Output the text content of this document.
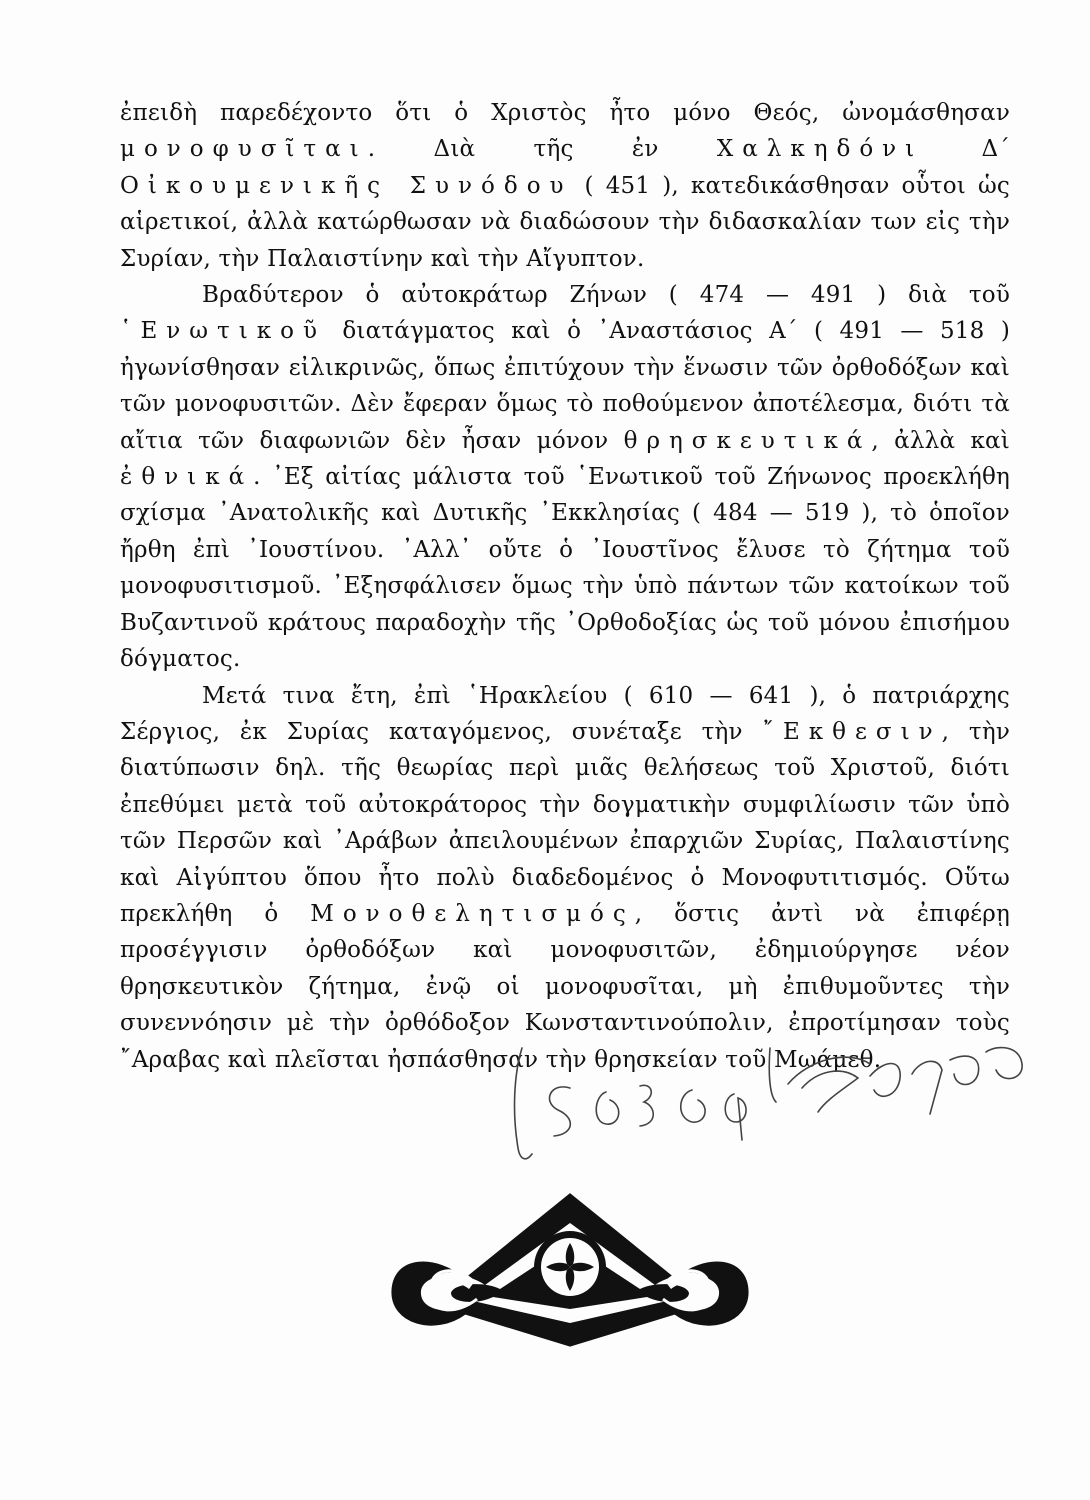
ἐπειδὴ παρεδέχοντο ὅτι ὁ Χριστὸς ἦτο μόνο Θεός, ὠνομάσθησαν μονοφυσῖται. Διὰ τῆς ἐν Χαλκηδόνι Δ΄ Οἰκουμενικῆς Συνόδου ( 451 ), κατεδικάσθησαν οὗτοι ὡς αἱρετικοί, ἀλλὰ κατώρθωσαν νὰ διαδώσουν τὴν διδασκαλίαν των εἰς τὴν Συρίαν, τὴν Παλαιστίνην καὶ τὴν Αἴγυπτον.

Βραδύτερον ὁ αὐτοκράτωρ Ζήνων ( 474 — 491 ) διὰ τοῦ ῾Ενωτικοῦ διατάγματος καὶ ὁ ᾿Αναστάσιος Α΄ ( 491 — 518 ) ἠγωνίσθησαν εἰλικρινῶς, ὅπως ἐπιτύχουν τὴν ἕνωσιν τῶν ὀρθοδόξων καὶ τῶν μονοφυσιτῶν. Δὲν ἔφεραν ὅμως τὸ ποθούμενον ἀποτέλεσμα, διότι τὰ αἴτια τῶν διαφωνιῶν δὲν ἦσαν μόνον θρησκευτικά, ἀλλὰ καὶ ἐθνικά. ᾿Εξ αἰτίας μάλιστα τοῦ ῾Ενωτικοῦ τοῦ Ζήνωνος προεκλήθη σχίσμα ᾿Ανατολικῆς καὶ Δυτικῆς ᾿Εκκλησίας ( 484 — 519 ), τὸ ὁποῖον ἤρθη ἐπὶ ᾿Ιουστίνου. ᾿Αλλ᾿ οὔτε ὁ ᾿Ιουστῖνος ἔλυσε τὸ ζήτημα τοῦ μονοφυσιτισμοῦ. ᾿Εξησφάλισεν ὅμως τὴν ὑπὸ πάντων τῶν κατοίκων τοῦ Βυζαντινοῦ κράτους παραδοχὴν τῆς ᾿Ορθοδοξίας ὡς τοῦ μόνου ἐπισήμου δόγματος.

Μετά τινα ἔτη, ἐπὶ ῾Ηρακλείου ( 610 — 641 ), ὁ πατριάρχης Σέργιος, ἐκ Συρίας καταγόμενος, συνέταξε τὴν ῎Εκθεσιν, τὴν διατύπωσιν δηλ. τῆς θεωρίας περὶ μιᾶς θελήσεως τοῦ Χριστοῦ, διότι ἐπεθύμει μετὰ τοῦ αὐτοκράτορος τὴν δογματικὴν συμφιλίωσιν τῶν ὑπὸ τῶν Περσῶν καὶ ᾿Αράβων ἀπειλουμένων ἐπαρχιῶν Συρίας, Παλαιστίνης καὶ Αἰγύπτου ὅπου ἦτο πολὺ διαδεδομένος ὁ Μονοφυτιτισμός. Οὕτω πρεκλήθη ὁ Μονοθελητισμός, ὅστις ἀντὶ νὰ ἐπιφέρῃ προσέγγισιν ὀρθοδόξων καὶ μονοφυσιτῶν, ἐδημιούργησε νέον θρησκευτικὸν ζήτημα, ἐνῷ οἱ μονοφυσῖται, μὴ ἐπιθυμοῦντες τὴν συνεννόησιν μὲ τὴν ὀρθόδοξον Κωνσταντινούπολιν, ἐπροτίμησαν τοὺς ῎Αραβας καὶ πλεῖσται ἠσπάσθησαν τὴν θρησκείαν τοῦ Μωάμεθ.
